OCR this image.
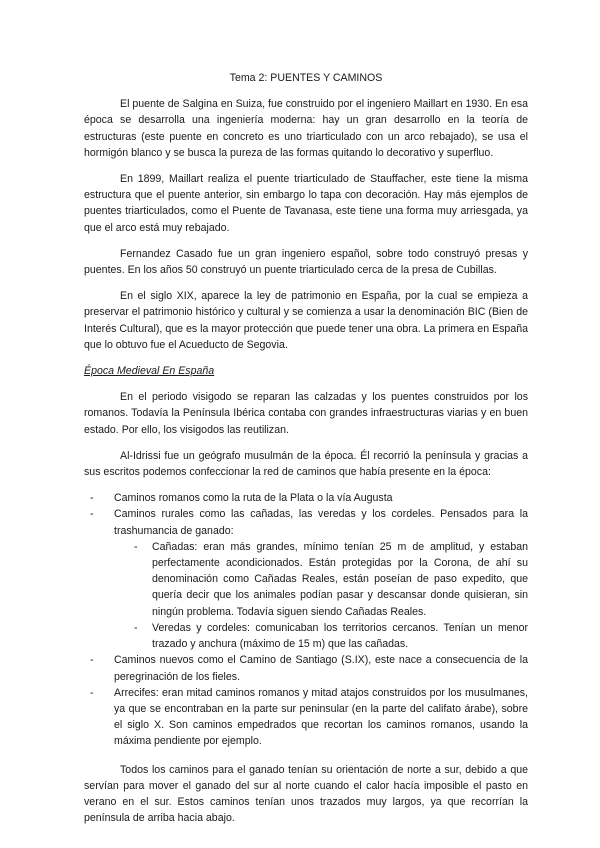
Tema 2: PUENTES Y CAMINOS

El puente de Salgina en Suiza, fue construido por el ingeniero Maillart en 1930. En esa época se desarrolla una ingeniería moderna: hay un gran desarrollo en la teoría de estructuras (este puente en concreto es uno triarticulado con un arco rebajado), se usa el hormigón blanco y se busca la pureza de las formas quitando lo decorativo y superfluo.

En 1899, Maillart realiza el puente triarticulado de Stauffacher, este tiene la misma estructura que el puente anterior, sin embargo lo tapa con decoración. Hay más ejemplos de puentes triarticulados, como el Puente de Tavanasa, este tiene una forma muy arriesgada, ya que el arco está muy rebajado.

Fernandez Casado fue un gran ingeniero español, sobre todo construyó presas y puentes. En los años 50 construyó un puente triarticulado cerca de la presa de Cubillas.

En el siglo XIX, aparece la ley de patrimonio en España, por la cual se empieza a preservar el patrimonio histórico y cultural y se comienza a usar la denominación BIC (Bien de Interés Cultural), que es la mayor protección que puede tener una obra. La primera en España que lo obtuvo fue el Acueducto de Segovia.

Época Medieval En España

En el periodo visigodo se reparan las calzadas y los puentes construidos por los romanos. Todavía la Península Ibérica contaba con grandes infraestructuras viarias y en buen estado. Por ello, los visigodos las reutilizan.

Al-Idrissi fue un geógrafo musulmán de la época. Él recorrió la península y gracias a sus escritos podemos confeccionar la red de caminos que había presente en la época:

- Caminos romanos como la ruta de la Plata o la vía Augusta
- Caminos rurales como las cañadas, las veredas y los cordeles. Pensados para la trashumancia de ganado:
- Cañadas: eran más grandes, mínimo tenían 25 m de amplitud, y estaban perfectamente acondicionados. Están protegidas por la Corona, de ahí su denominación como Cañadas Reales, están poseían de paso expedito, que quería decir que los animales podían pasar y descansar donde quisieran, sin ningún problema. Todavía siguen siendo Cañadas Reales.
- Veredas y cordeles: comunicaban los territorios cercanos. Tenían un menor trazado y anchura (máximo de 15 m) que las cañadas.
- Caminos nuevos como el Camino de Santiago (S.IX), este nace a consecuencia de la peregrinación de los fieles.
- Arrecifes: eran mitad caminos romanos y mitad atajos construidos por los musulmanes, ya que se encontraban en la parte sur peninsular (en la parte del califato árabe), sobre el siglo X. Son caminos empedrados que recortan los caminos romanos, usando la máxima pendiente por ejemplo.

Todos los caminos para el ganado tenían su orientación de norte a sur, debido a que servían para mover el ganado del sur al norte cuando el calor hacía imposible el pasto en verano en el sur. Estos caminos tenían unos trazados muy largos, ya que recorrían la península de arriba hacia abajo.
